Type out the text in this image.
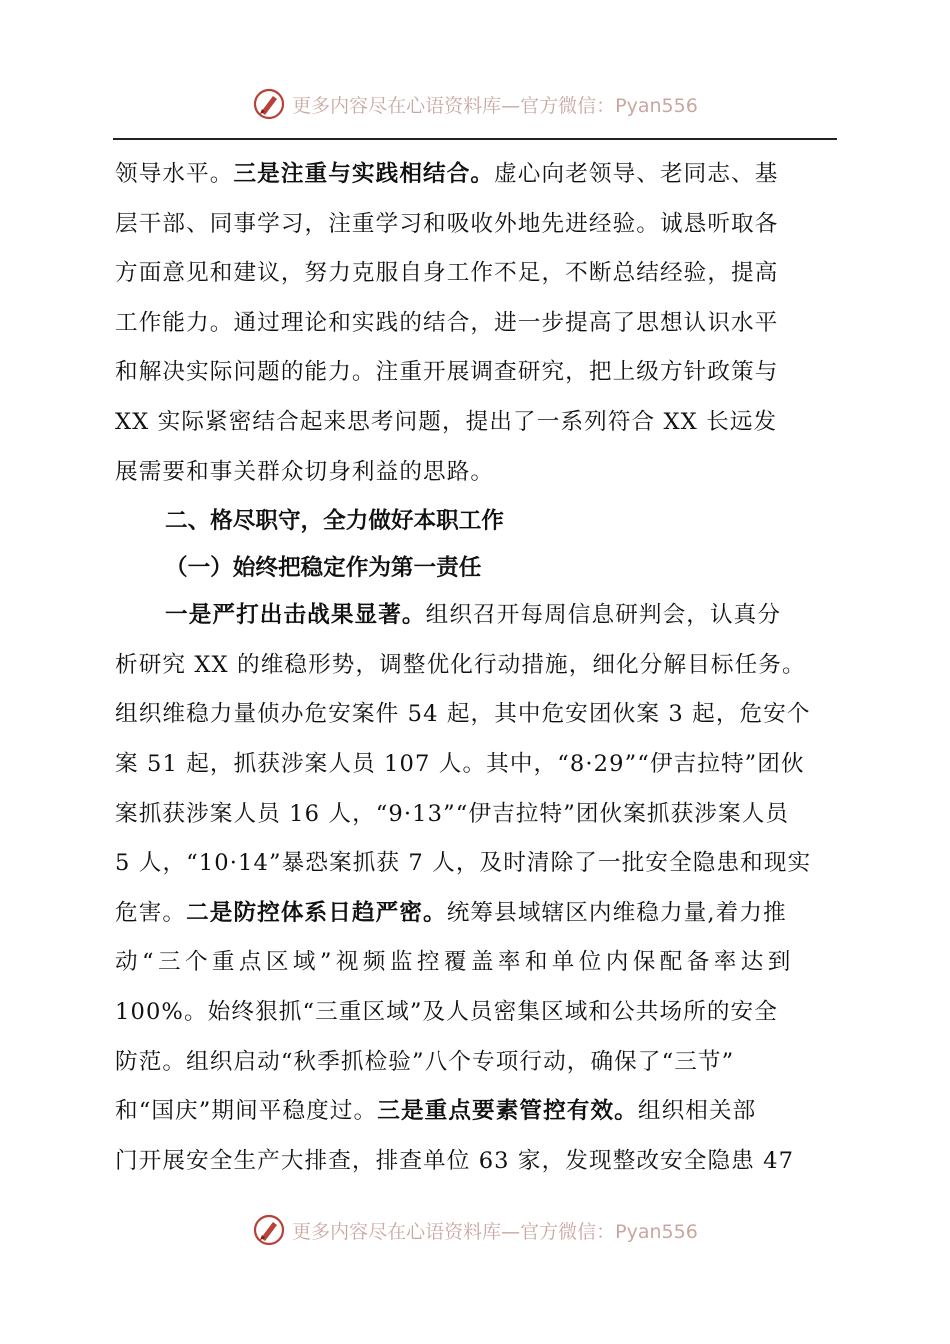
更多内容尽在心语资料库—官方微信：Pyan556

领导水平。三是注重与实践相结合。虚心向老领导、老同志、基

层干部、同事学习，注重学习和吸收外地先进经验。诚恳听取各

方面意见和建议，努力克服自身工作不足，不断总结经验，提高

工作能力。通过理论和实践的结合，进一步提高了思想认识水平

和解决实际问题的能力。注重开展调查研究，把上级方针政策与

XX 实际紧密结合起来思考问题，提出了一系列符合 XX 长远发

展需要和事关群众切身利益的思路。

二、格尽职守，全力做好本职工作

（一）始终把稳定作为第一责任

一是严打出击战果显著。组织召开每周信息研判会，认真分

析研究 XX 的维稳形势，调整优化行动措施，细化分解目标任务。

组织维稳力量侦办危安案件 54 起，其中危安团伙案 3 起，危安个

案 51 起，抓获涉案人员 107 人。其中，“8·29”“伊吉拉特”团伙

案抓获涉案人员 16 人，“9·13”“伊吉拉特”团伙案抓获涉案人员

5 人，“10·14”暴恐案抓获 7 人，及时清除了一批安全隐患和现实

危害。二是防控体系日趋严密。统筹县域辖区内维稳力量,着力推

动“三个重点区域”视频监控覆盖率和单位内保配备率达到

100%。始终狠抓“三重区域”及人员密集区域和公共场所的安全

防范。组织启动“秋季抓检验”八个专项行动，确保了“三节”

和“国庆”期间平稳度过。三是重点要素管控有效。组织相关部

门开展安全生产大排查，排查单位 63 家，发现整改安全隐患 47

更多内容尽在心语资料库—官方微信：Pyan556
